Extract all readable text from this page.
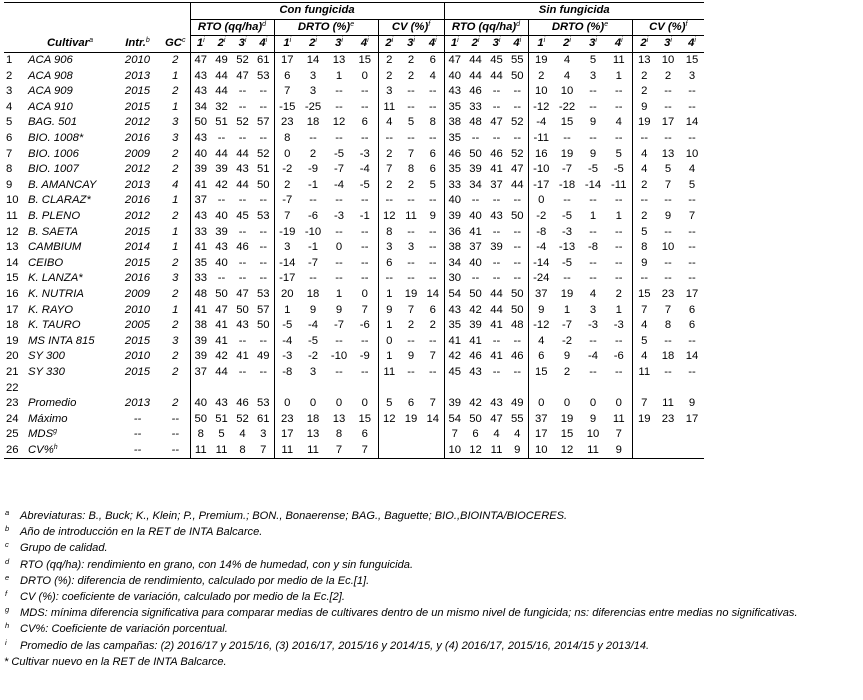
				Con fungicida											Sin fungicida										
				RTO $(qq/ha)^d$				DRTO (%)$^e$				CV (%)$^f$			RTO $(qq/ha)^d$				DRTO (%)$^e$				CV (%)$^f$
	Cultivar$^a$	Intr.$^b$	$GC^c$	1$^i$	2$^i$	3$^i$	4$^i$	1$^i$	2$^i$	3$^i$	4$^i$	2$^i$	3$^i$	4$^i$	1$^i$	2$^i$	3$^i$	4$^i$	1$^i$	2$^i$	3$^i$	4$^i$	2$^i$	3$^i$	4$^i$
1	ACA 906	2010	2	47	49	52	61	17	14	13	15	2	2	6	47	44	45	55	19	4	5	11	13	10	15
2	ACA 908	2013	1	43	44	47	53	6	3	1	0	2	2	4	40	44	44	50	2	4	3	1	2	2	3
3	ACA 909	2015	2	43	44	--	--	7	3	--	--	3	--	--	43	46	--	--	10	10	--	--	2	--	--
4	ACA 910	2015	1	34	32	--	--	-15	-25	--	--	11	--	--	35	33	--	--	-12	-22	--	--	9	--	--
5	BAG. 501	2012	3	50	51	52	57	23	18	12	6	4	5	8	38	48	47	52	-4	15	9	4	19	17	14
6	BIO. 1008*	2016	3	43	--	--	--	8	--	--	--	--	--	--	35	--	--	--	-11	--	--	--	--	--	--
7	BIO. 1006	2009	2	40	44	44	52	0	2	-5	-3	2	7	6	46	50	46	52	16	19	9	5	4	13	10
8	BIO. 1007	2012	2	39	39	43	51	-2	-9	-7	-4	7	8	6	35	39	41	47	-10	-7	-5	-5	4	5	4
9	B. AMANCAY	2013	4	41	42	44	50	2	-1	-4	-5	2	2	5	33	34	37	44	-17	-18	-14	-11	2	7	5
10	B. CLARAZ*	2016	1	37	--	--	--	-7	--	--	--	--	--	--	40	--	--	--	0	--	--	--	--	--	--
11	B. PLENO	2012	2	43	40	45	53	7	-6	-3	-1	12	11	9	39	40	43	50	-2	-5	1	1	2	9	7
12	B. SAETA	2015	1	33	39	--	--	-19	-10	--	--	8	--	--	36	41	--	--	-8	-3	--	--	5	--	--
13	CAMBIUM	2014	1	41	43	46	--	3	-1	0	--	3	3	--	38	37	39	--	-4	-13	-8	--	8	10	--
14	CEIBO	2015	2	35	40	--	--	-14	-7	--	--	6	--	--	34	40	--	--	-14	-5	--	--	9	--	--
15	K. LANZA*	2016	3	33	--	--	--	-17	--	--	--	--	--	--	30	--	--	--	-24	--	--	--	--	--	--
16	K. NUTRIA	2009	2	48	50	47	53	20	18	1	0	1	19	14	54	50	44	50	37	19	4	2	15	23	17
17	K. RAYO	2010	1	41	47	50	57	1	9	9	7	9	7	6	43	42	44	50	9	1	3	1	7	7	6
18	K. TAURO	2005	2	38	41	43	50	-5	-4	-7	-6	1	2	2	35	39	41	48	-12	-7	-3	-3	4	8	6
19	MS INTA 815	2015	3	39	41	--	--	-4	-5	--	--	0	--	--	41	41	--	--	4	-2	--	--	5	--	--
20	SY 300	2010	2	39	42	41	49	-3	-2	-10	-9	1	9	7	42	46	41	46	6	9	-4	-6	4	18	14
21	SY 330	2015	2	37	44	--	--	-8	3	--	--	11	--	--	45	43	--	--	15	2	--	--	11	--	--
22																									
23	Promedio	2013	2	40	43	46	53	0	0	0	0	5	6	7	39	42	43	49	0	0	0	0	7	11	9
24	Máximo	--	--	50	51	52	61	23	18	13	15	12	19	14	54	50	47	55	37	19	9	11	19	23	17
25	MDS$^g$	--	--	8	5	4	3	17	13	8	6				7	6	4	4	17	15	10	7			
26	CV%$^h$	--	--	11	11	8	7	11	11	7	7				10	12	11	9	10	12	11	9			
a Abreviaturas: B., Buck; K., Klein; P., Premium.; BON., Bonaerense; BAG., Baguette; BIO.,BIOINTA/BIOCERES.
b Año de introducción en la RET de INTA Balcarce.
c Grupo de calidad.
d RTO (qq/ha): rendimiento en grano, con 14% de humedad, con y sin funguicida.
e DRTO (%): diferencia de rendimiento, calculado por medio de la Ec.[1].
f CV (%): coeficiente de variación, calculado por medio de la Ec.[2].
g MDS: mínima diferencia significativa para comparar medias de cultivares dentro de un mismo nivel de fungicida; ns: diferencias entre medias no significativas.
h CV%: Coeficiente de variación porcentual.
i Promedio de las campañas: (2) 2016/17 y 2015/16, (3) 2016/17, 2015/16 y 2014/15, y (4) 2016/17, 2015/16, 2014/15 y 2013/14.
* Cultivar nuevo en la RET de INTA Balcarce.
